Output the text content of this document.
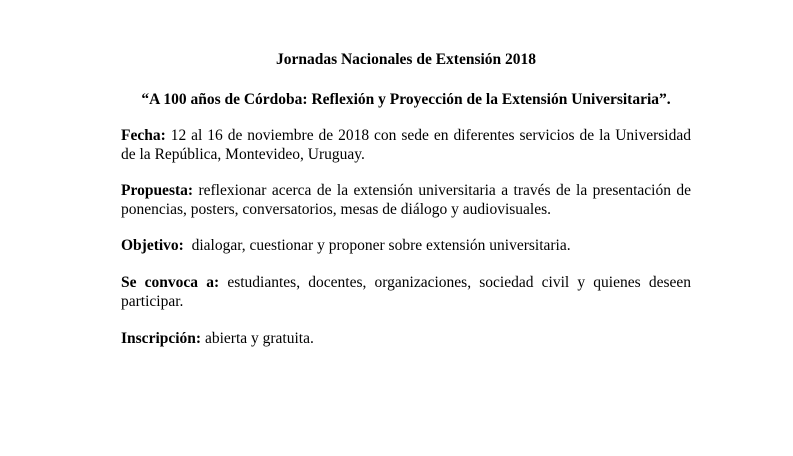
Jornadas Nacionales de Extensión 2018

“A 100 años de Córdoba: Reflexión y Proyección de la Extensión Universitaria”.

Fecha: 12 al 16 de noviembre de 2018 con sede en diferentes servicios de la Universidad de la República, Montevideo, Uruguay.

Propuesta: reflexionar acerca de la extensión universitaria a través de la presentación de ponencias, posters, conversatorios, mesas de diálogo y audiovisuales.

Objetivo:  dialogar, cuestionar y proponer sobre extensión universitaria.

Se convoca a: estudiantes, docentes, organizaciones, sociedad civil y quienes deseen participar.

Inscripción: abierta y gratuita.
